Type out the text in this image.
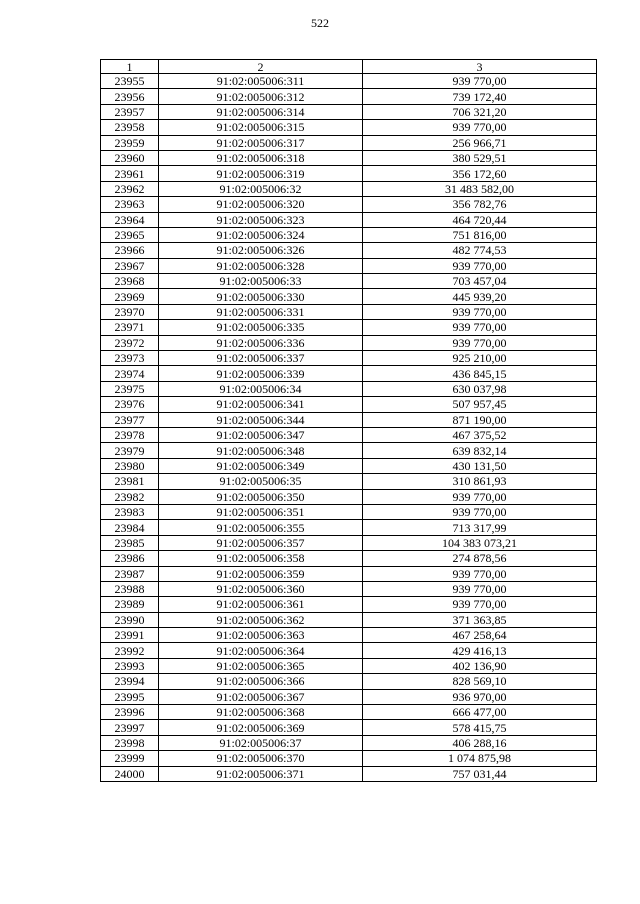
522
1	2	3
23955	91:02:005006:311	939 770,00
23956	91:02:005006:312	739 172,40
23957	91:02:005006:314	706 321,20
23958	91:02:005006:315	939 770,00
23959	91:02:005006:317	256 966,71
23960	91:02:005006:318	380 529,51
23961	91:02:005006:319	356 172,60
23962	91:02:005006:32	31 483 582,00
23963	91:02:005006:320	356 782,76
23964	91:02:005006:323	464 720,44
23965	91:02:005006:324	751 816,00
23966	91:02:005006:326	482 774,53
23967	91:02:005006:328	939 770,00
23968	91:02:005006:33	703 457,04
23969	91:02:005006:330	445 939,20
23970	91:02:005006:331	939 770,00
23971	91:02:005006:335	939 770,00
23972	91:02:005006:336	939 770,00
23973	91:02:005006:337	925 210,00
23974	91:02:005006:339	436 845,15
23975	91:02:005006:34	630 037,98
23976	91:02:005006:341	507 957,45
23977	91:02:005006:344	871 190,00
23978	91:02:005006:347	467 375,52
23979	91:02:005006:348	639 832,14
23980	91:02:005006:349	430 131,50
23981	91:02:005006:35	310 861,93
23982	91:02:005006:350	939 770,00
23983	91:02:005006:351	939 770,00
23984	91:02:005006:355	713 317,99
23985	91:02:005006:357	104 383 073,21
23986	91:02:005006:358	274 878,56
23987	91:02:005006:359	939 770,00
23988	91:02:005006:360	939 770,00
23989	91:02:005006:361	939 770,00
23990	91:02:005006:362	371 363,85
23991	91:02:005006:363	467 258,64
23992	91:02:005006:364	429 416,13
23993	91:02:005006:365	402 136,90
23994	91:02:005006:366	828 569,10
23995	91:02:005006:367	936 970,00
23996	91:02:005006:368	666 477,00
23997	91:02:005006:369	578 415,75
23998	91:02:005006:37	406 288,16
23999	91:02:005006:370	1 074 875,98
24000	91:02:005006:371	757 031,44
